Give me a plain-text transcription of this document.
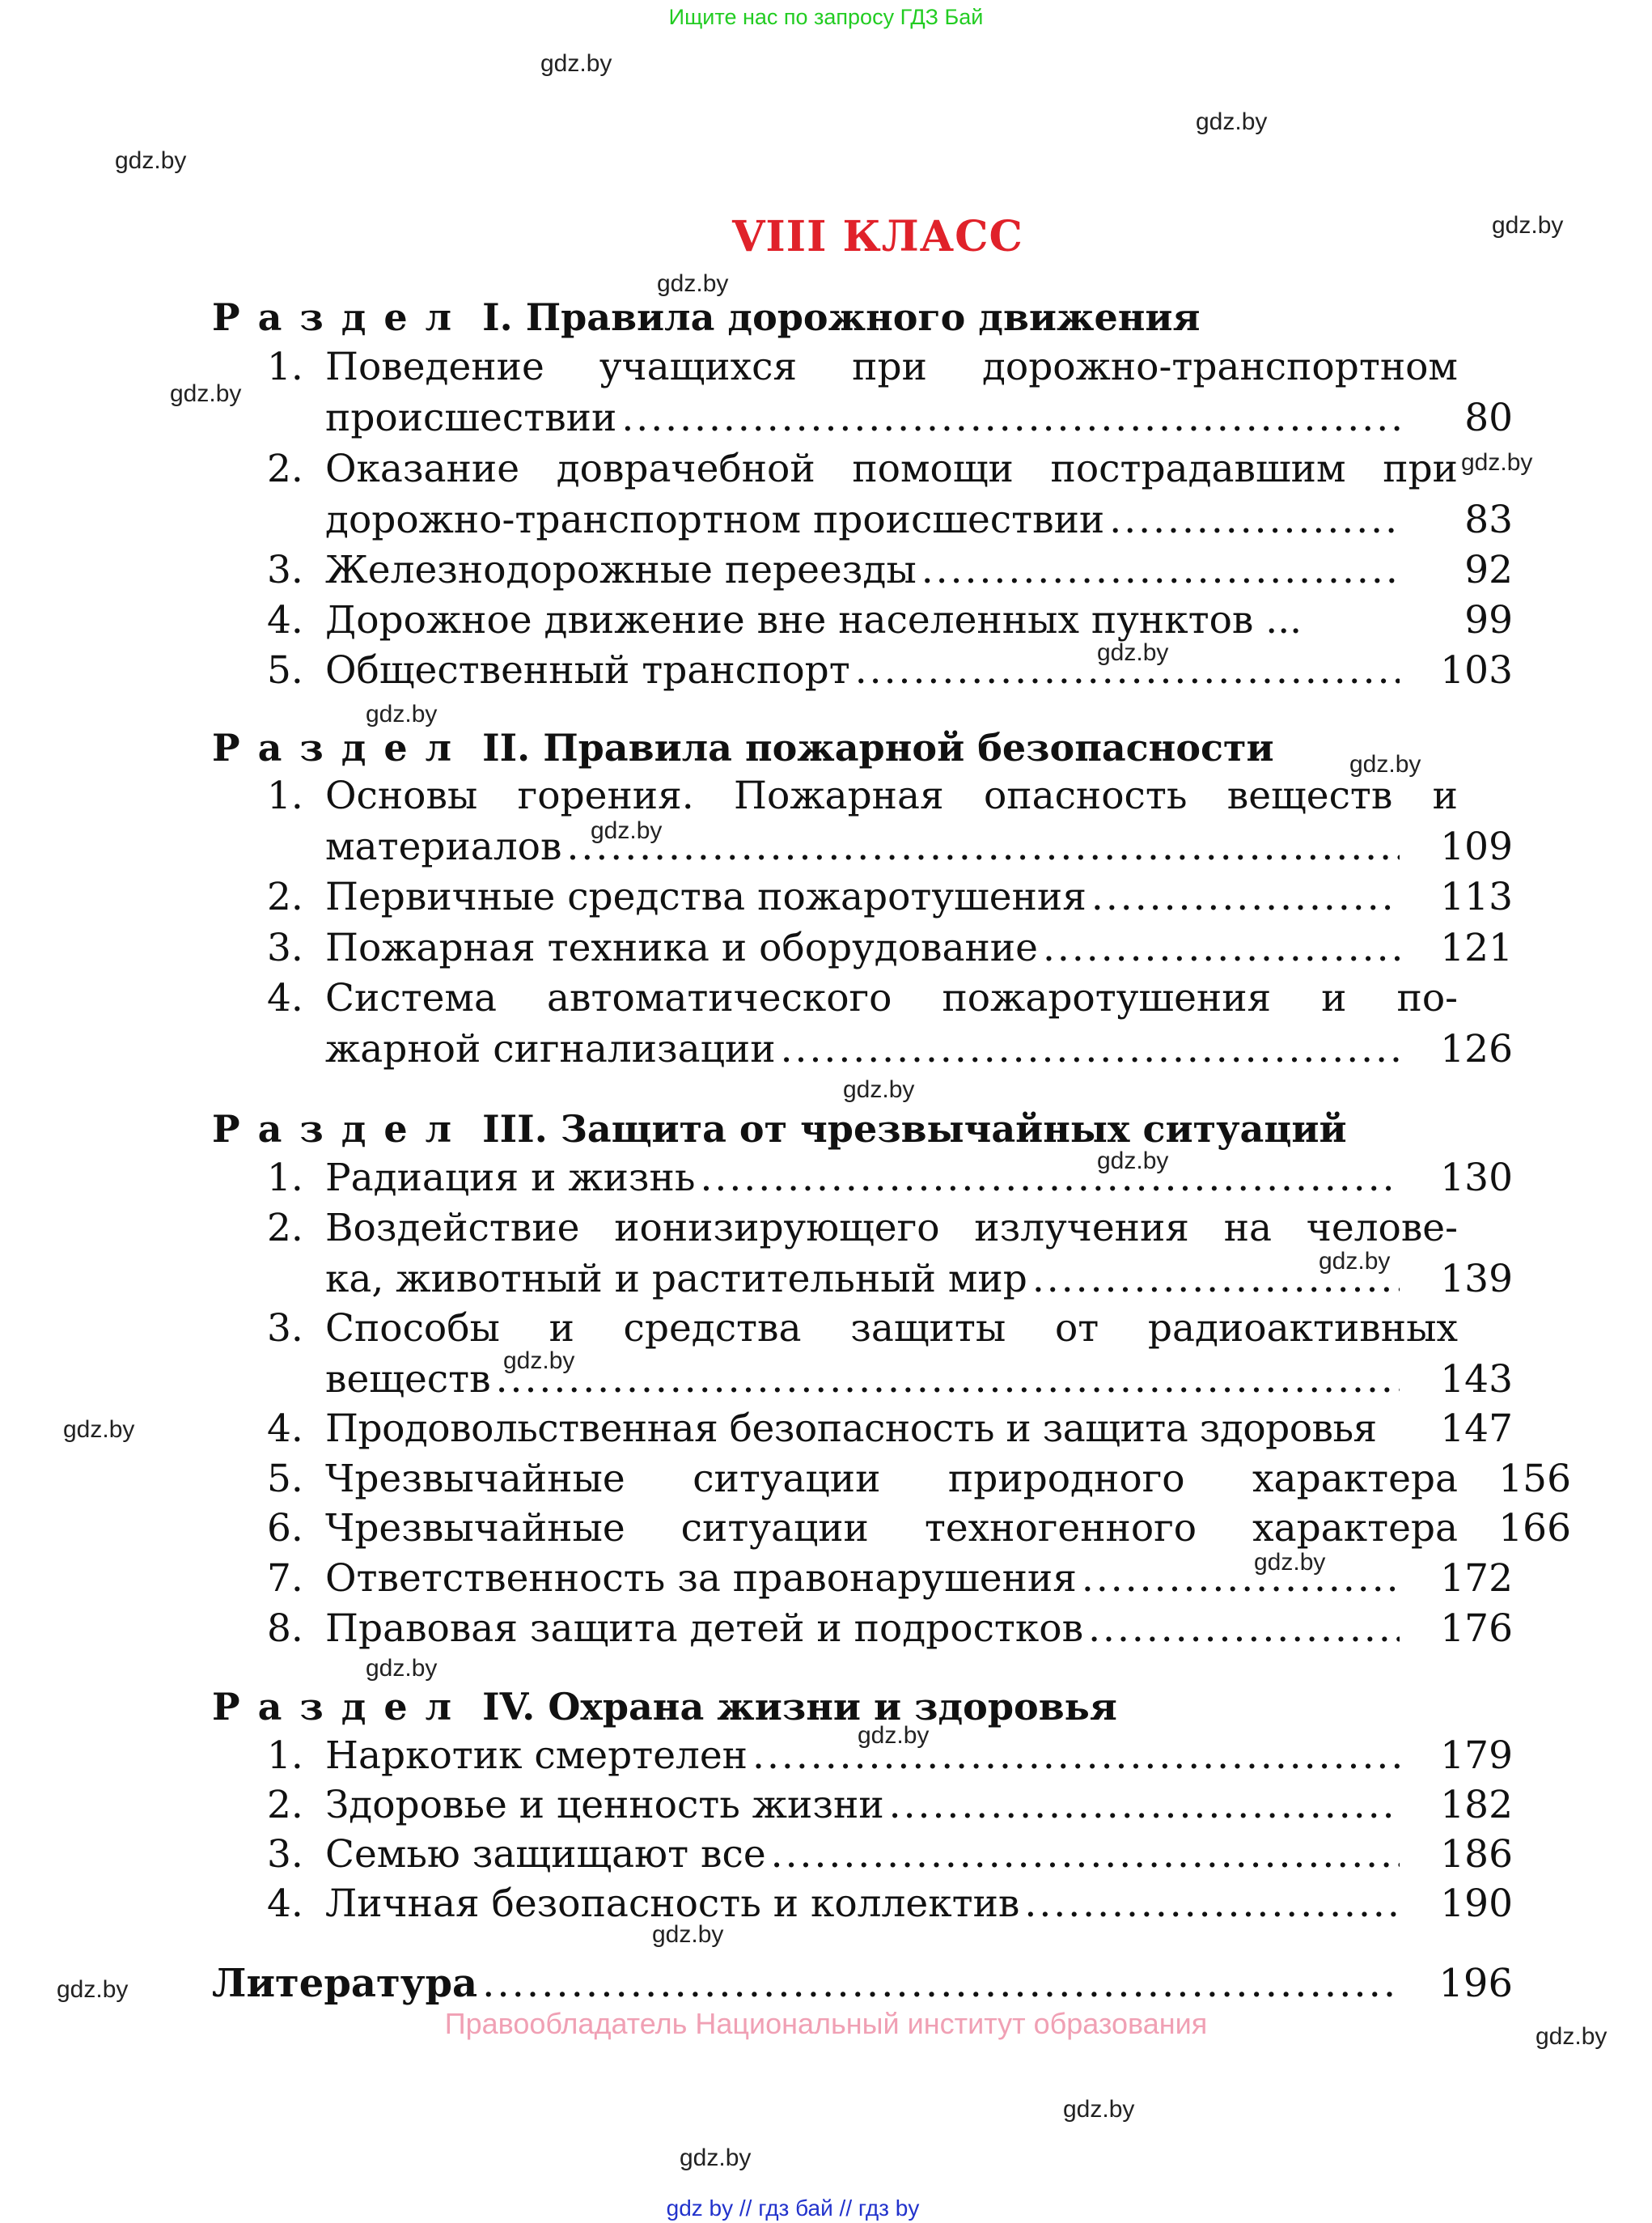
Ищите нас по запросу ГДЗ Бай
gdz.by
gdz.by
gdz.by
gdz.by
gdz.by
gdz.by
gdz.by
gdz.by
gdz.by
gdz.by
gdz.by
gdz.by
gdz.by
gdz.by
gdz.by
gdz.by
gdz.by
gdz.by
gdz.by
gdz.by
gdz.by
gdz.by
gdz.by
gdz.by
VIII КЛАСС
Раздел I. Правила дорожного движения
1. Поведение учащихся при дорожно-транспортном
происшествии .....	80
2. Оказание доврачебной помощи пострадавшим при
дорожно-транспортном происшествии .....	83
3. Железнодорожные переезды .....	92
4. Дорожное движение вне населенных пунктов ...	99
5. Общественный транспорт .....	103
Раздел II. Правила пожарной безопасности
1. Основы горения. Пожарная опасность веществ и
материалов .....	109
2. Первичные средства пожаротушения .....	113
3. Пожарная техника и оборудование .....	121
4. Система автоматического пожаротушения и по-
жарной сигнализации .....	126
Раздел III. Защита от чрезвычайных ситуаций
1. Радиация и жизнь .....	130
2. Воздействие ионизирующего излучения на челове-
ка, животный и растительный мир .....	139
3. Способы и средства защиты от радиоактивных
веществ .....	143
4. Продовольственная безопасность и защита здоровья	147
5. Чрезвычайные ситуации природного характера	156
6. Чрезвычайные ситуации техногенного характера	166
7. Ответственность за правонарушения .....	172
8. Правовая защита детей и подростков .....	176
Раздел IV. Охрана жизни и здоровья
1. Наркотик смертелен .....	179
2. Здоровье и ценность жизни .....	182
3. Семью защищают все .....	186
4. Личная безопасность и коллектив .....	190
Литература .....	196
Правообладатель Национальный институт образования
gdz by // гдз бай // гдз by
